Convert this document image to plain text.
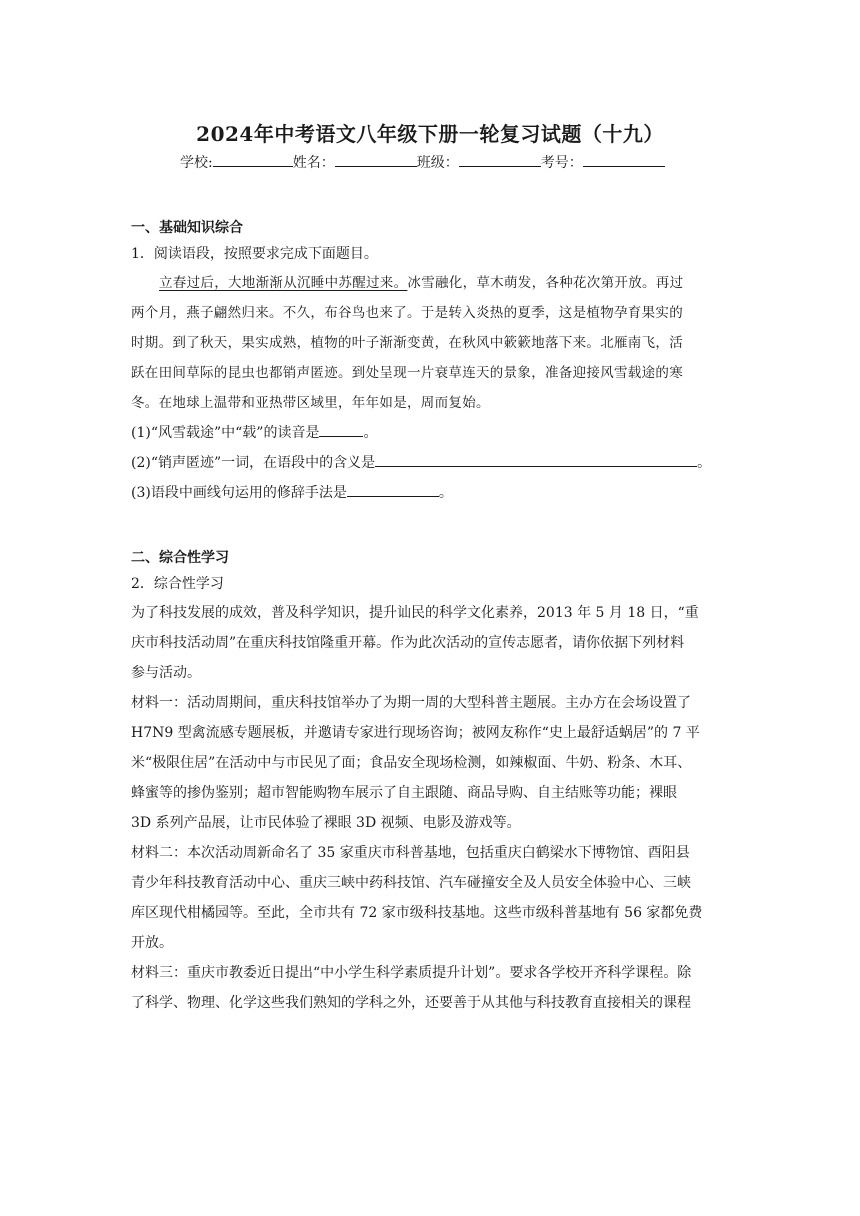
2024年中考语文八年级下册一轮复习试题（十九）
学校:	姓名：	班级：	考号：
一、基础知识综合
1．阅读语段，按照要求完成下面题目。
立春过后，大地渐渐从沉睡中苏醒过来。冰雪融化，草木萌发，各种花次第开放。再过
两个月，燕子翩然归来。不久，布谷鸟也来了。于是转入炎热的夏季，这是植物孕育果实的
时期。到了秋天，果实成熟，植物的叶子渐渐变黄，在秋风中簌簌地落下来。北雁南飞，活
跃在田间草际的昆虫也都销声匿迹。到处呈现一片衰草连天的景象，准备迎接风雪载途的寒
冬。在地球上温带和亚热带区域里，年年如是，周而复始。
(1)“风雪载途”中“载”的读音是	。
(2)“销声匿迹”一词，在语段中的含义是	。
(3)语段中画线句运用的修辞手法是	。
二、综合性学习
2．综合性学习
为了科技发展的成效，普及科学知识，提升讪民的科学文化素养，2013 年 5 月 18 日，“重
庆市科技活动周”在重庆科技馆隆重开幕。作为此次活动的宣传志愿者，请你依据下列材料
参与活动。
材料一：活动周期间，重庆科技馆举办了为期一周的大型科普主题展。主办方在会场设置了
H7N9 型禽流感专题展板，并邀请专家进行现场咨询；被网友称作“史上最舒适蜗居”的 7 平
米“极限住居”在活动中与市民见了面；食品安全现场检测，如辣椒面、牛奶、粉条、木耳、
蜂蜜等的掺伪鉴别；超市智能购物车展示了自主跟随、商品导购、自主结账等功能；裸眼
3D 系列产品展，让市民体验了裸眼 3D 视频、电影及游戏等。
材料二：本次活动周新命名了 35 家重庆市科普基地，包括重庆白鹤梁水下博物馆、酉阳县
青少年科技教育活动中心、重庆三峡中药科技馆、汽车碰撞安全及人员安全体验中心、三峡
库区现代柑橘园等。至此，全市共有 72 家市级科技基地。这些市级科普基地有 56 家都免费
开放。
材料三：重庆市教委近日提出“中小学生科学素质提升计划”。要求各学校开齐科学课程。除
了科学、物理、化学这些我们熟知的学科之外，还要善于从其他与科技教育直接相关的课程
